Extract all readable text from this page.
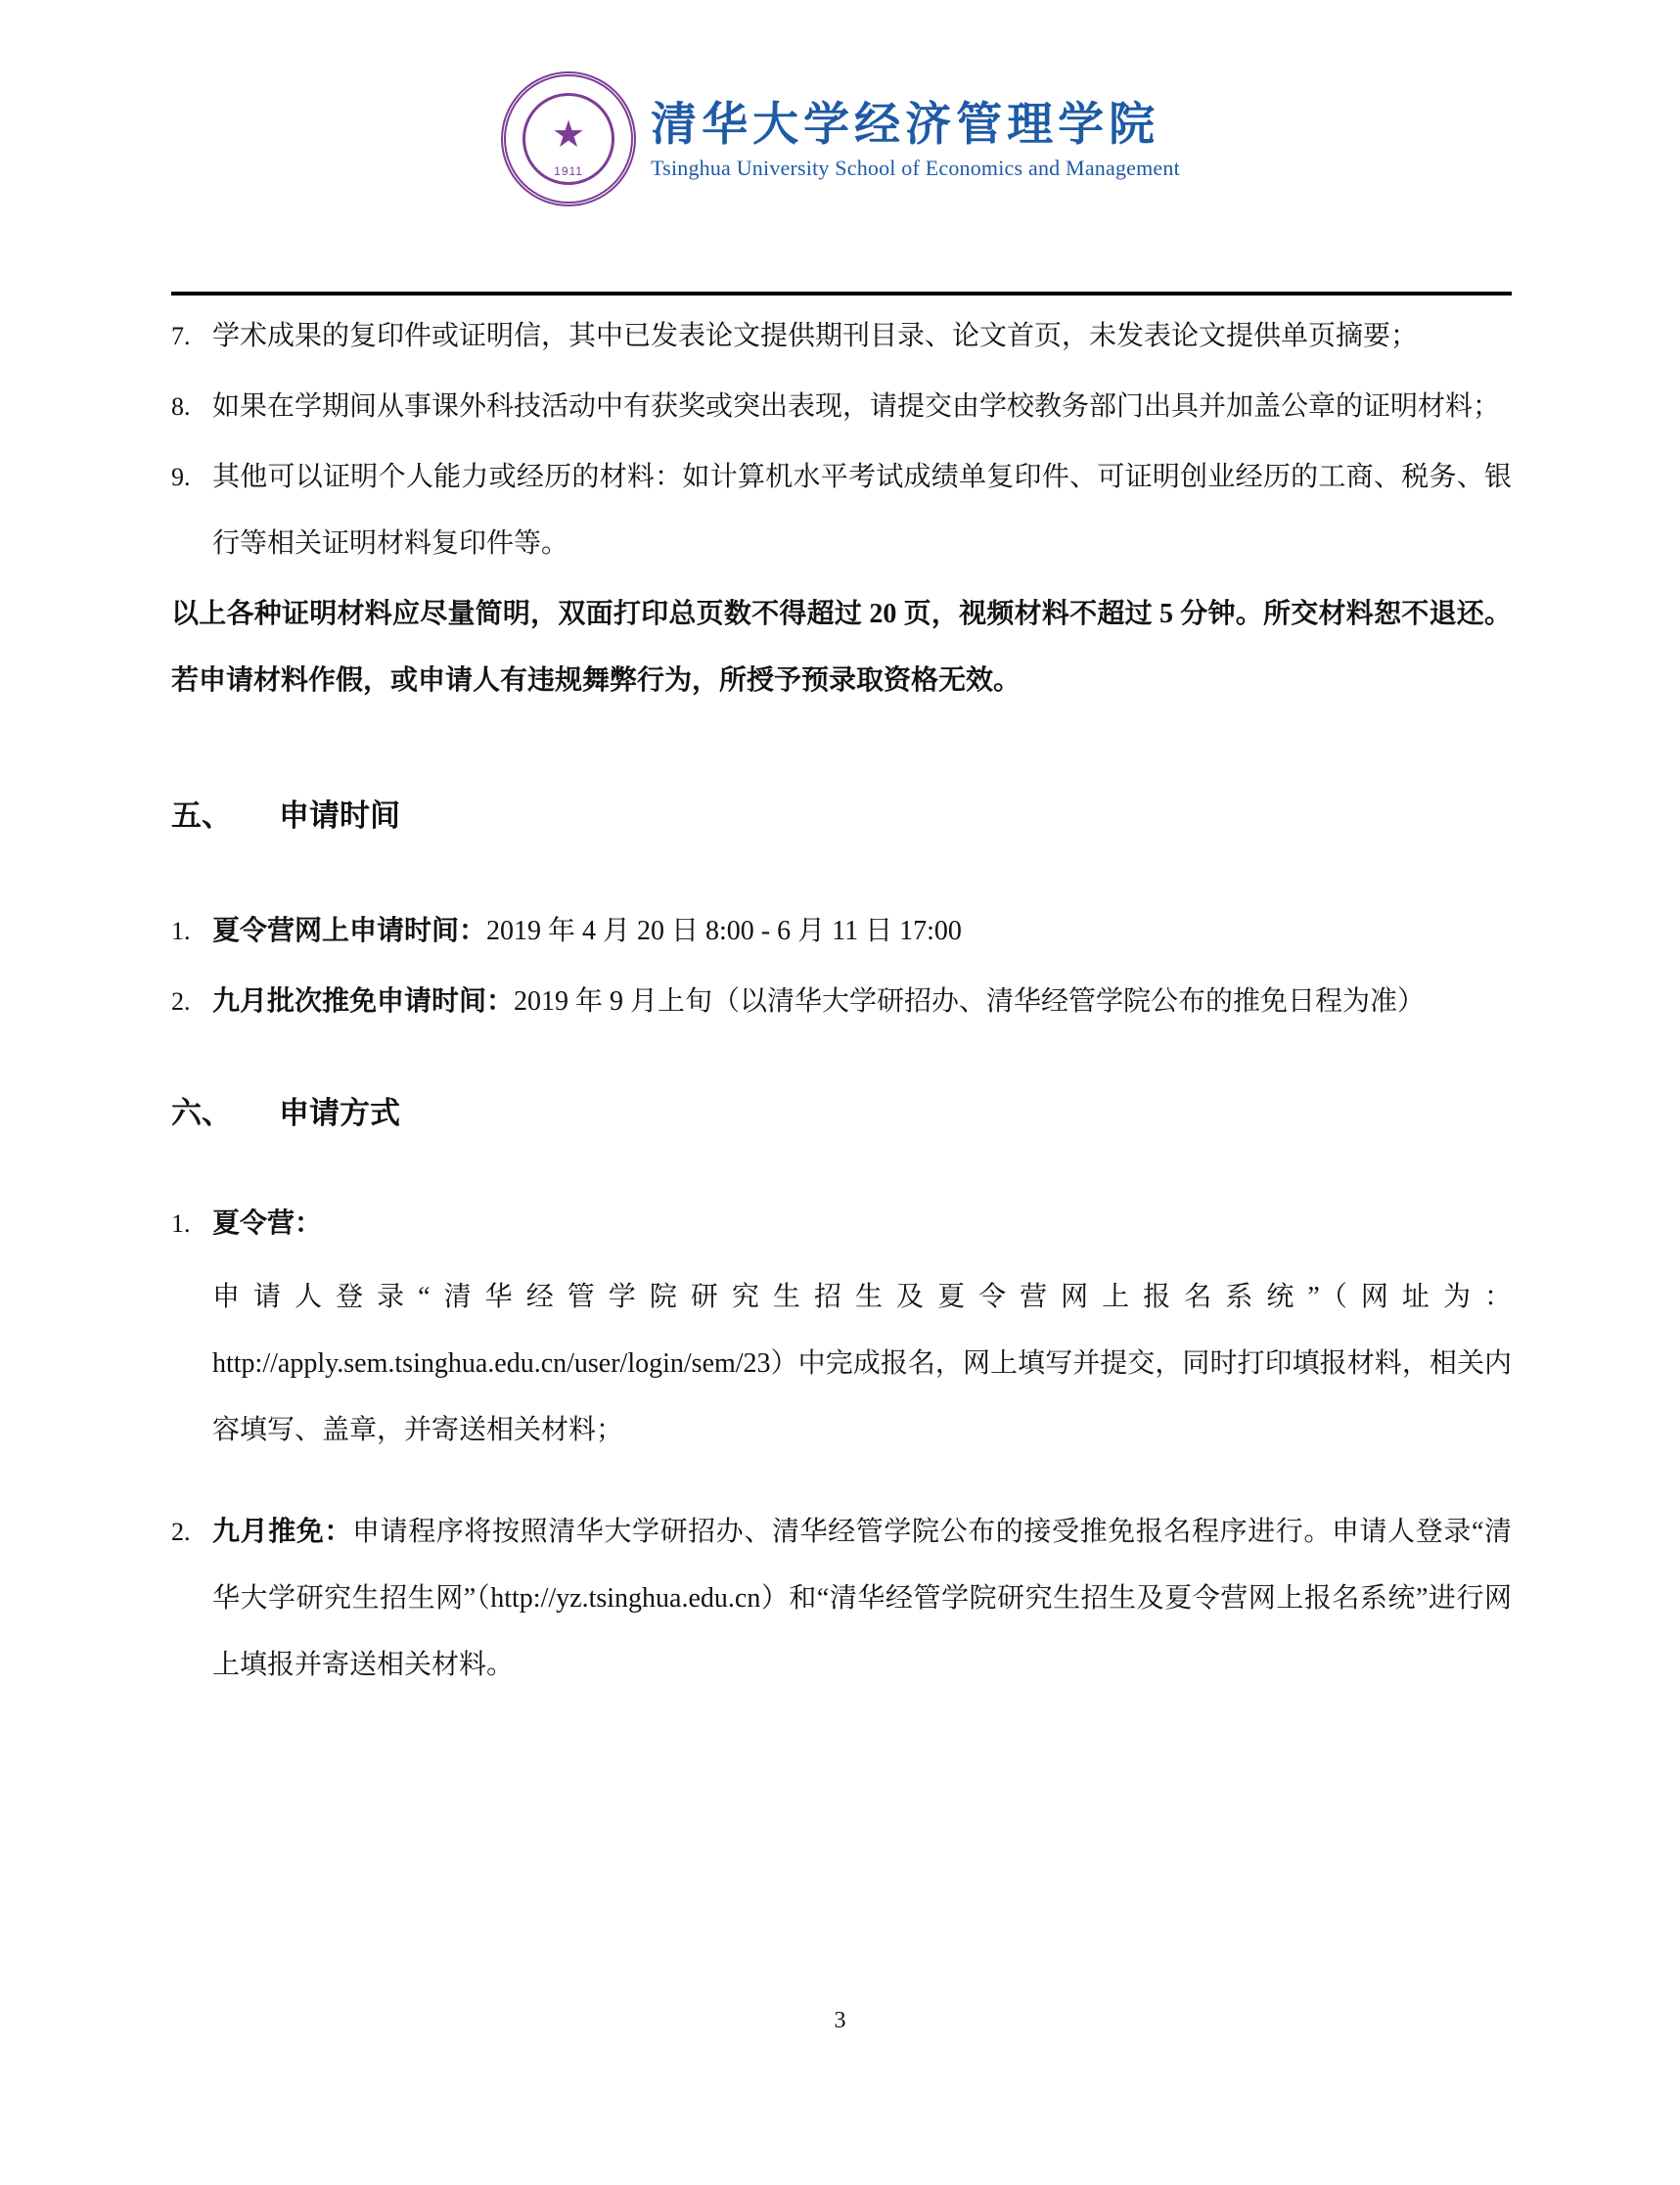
★
1911
清华大学经济管理学院
Tsinghua University School of Economics and Management
7. 学术成果的复印件或证明信，其中已发表论文提供期刊目录、论文首页，未发表论文提供单页摘要；
8. 如果在学期间从事课外科技活动中有获奖或突出表现，请提交由学校教务部门出具并加盖公章的证明材料；
9. 其他可以证明个人能力或经历的材料：如计算机水平考试成绩单复印件、可证明创业经历的工商、税务、银行等相关证明材料复印件等。
以上各种证明材料应尽量简明，双面打印总页数不得超过 20 页，视频材料不超过 5 分钟。所交材料恕不退还。若申请材料作假，或申请人有违规舞弊行为，所授予预录取资格无效。
五、	申请时间
1. 夏令营网上申请时间：2019 年 4 月 20 日 8:00 - 6 月 11 日 17:00
2. 九月批次推免申请时间：2019 年 9 月上旬（以清华大学研招办、清华经管学院公布的推免日程为准）
六、	申请方式
1. 夏令营：
申请人登录“清华经管学院研究生招生及夏令营网上报名系统”（网址为：http://apply.sem.tsinghua.edu.cn/user/login/sem/23）中完成报名，网上填写并提交，同时打印填报材料，相关内容填写、盖章，并寄送相关材料；
2. 九月推免：申请程序将按照清华大学研招办、清华经管学院公布的接受推免报名程序进行。申请人登录“清华大学研究生招生网”（http://yz.tsinghua.edu.cn）和“清华经管学院研究生招生及夏令营网上报名系统”进行网上填报并寄送相关材料。
3
